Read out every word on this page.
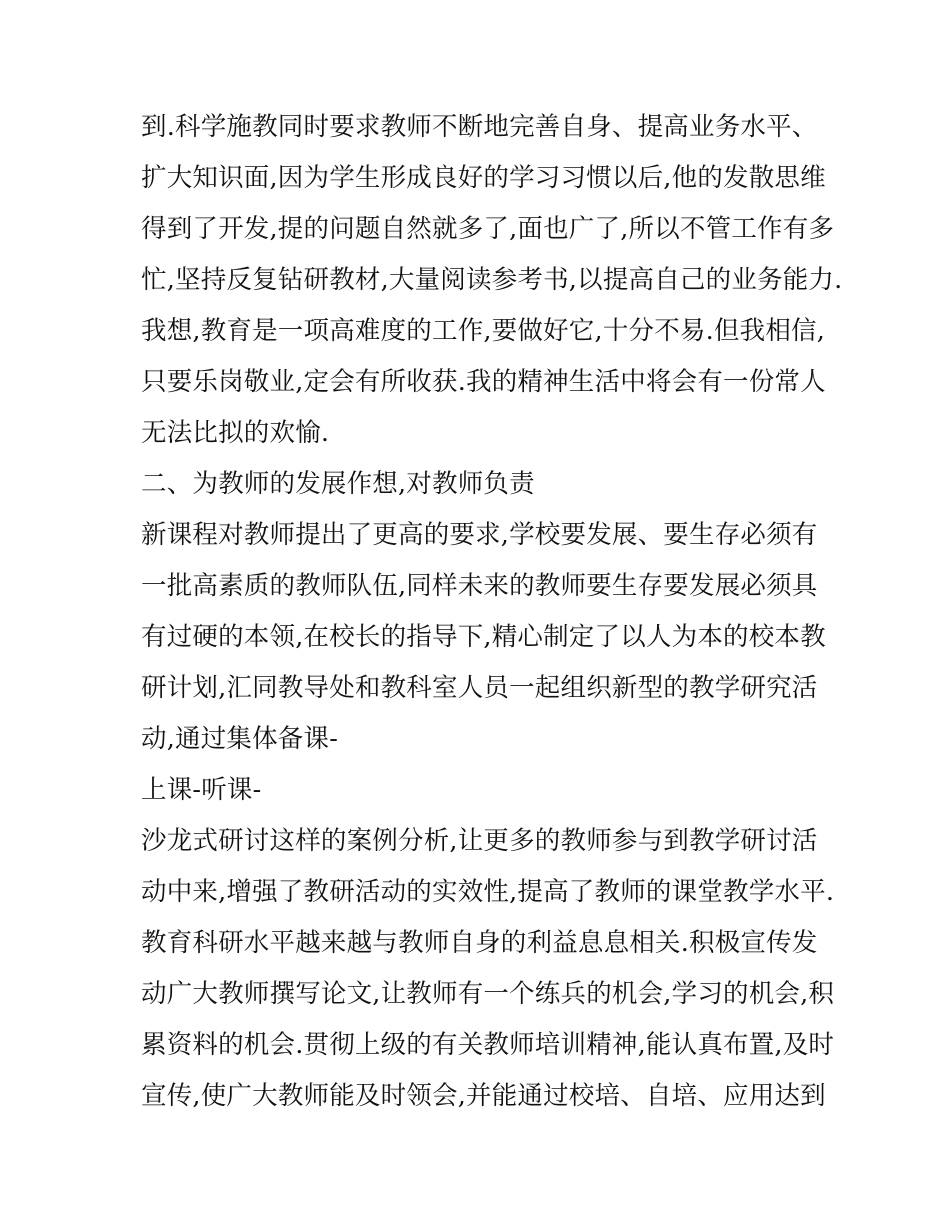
到.科学施教同时要求教师不断地完善自身、提高业务水平、
扩大知识面,因为学生形成良好的学习习惯以后,他的发散思维
得到了开发,提的问题自然就多了,面也广了,所以不管工作有多
忙,坚持反复钻研教材,大量阅读参考书,以提高自己的业务能力.
我想,教育是一项高难度的工作,要做好它,十分不易.但我相信,
只要乐岗敬业,定会有所收获.我的精神生活中将会有一份常人
无法比拟的欢愉.
二、为教师的发展作想,对教师负责
新课程对教师提出了更高的要求,学校要发展、要生存必须有
一批高素质的教师队伍,同样未来的教师要生存要发展必须具
有过硬的本领,在校长的指导下,精心制定了以人为本的校本教
研计划,汇同教导处和教科室人员一起组织新型的教学研究活
动,通过集体备课-
上课-听课-
沙龙式研讨这样的案例分析,让更多的教师参与到教学研讨活
动中来,增强了教研活动的实效性,提高了教师的课堂教学水平.
教育科研水平越来越与教师自身的利益息息相关.积极宣传发
动广大教师撰写论文,让教师有一个练兵的机会,学习的机会,积
累资料的机会.贯彻上级的有关教师培训精神,能认真布置,及时
宣传,使广大教师能及时领会,并能通过校培、自培、应用达到
